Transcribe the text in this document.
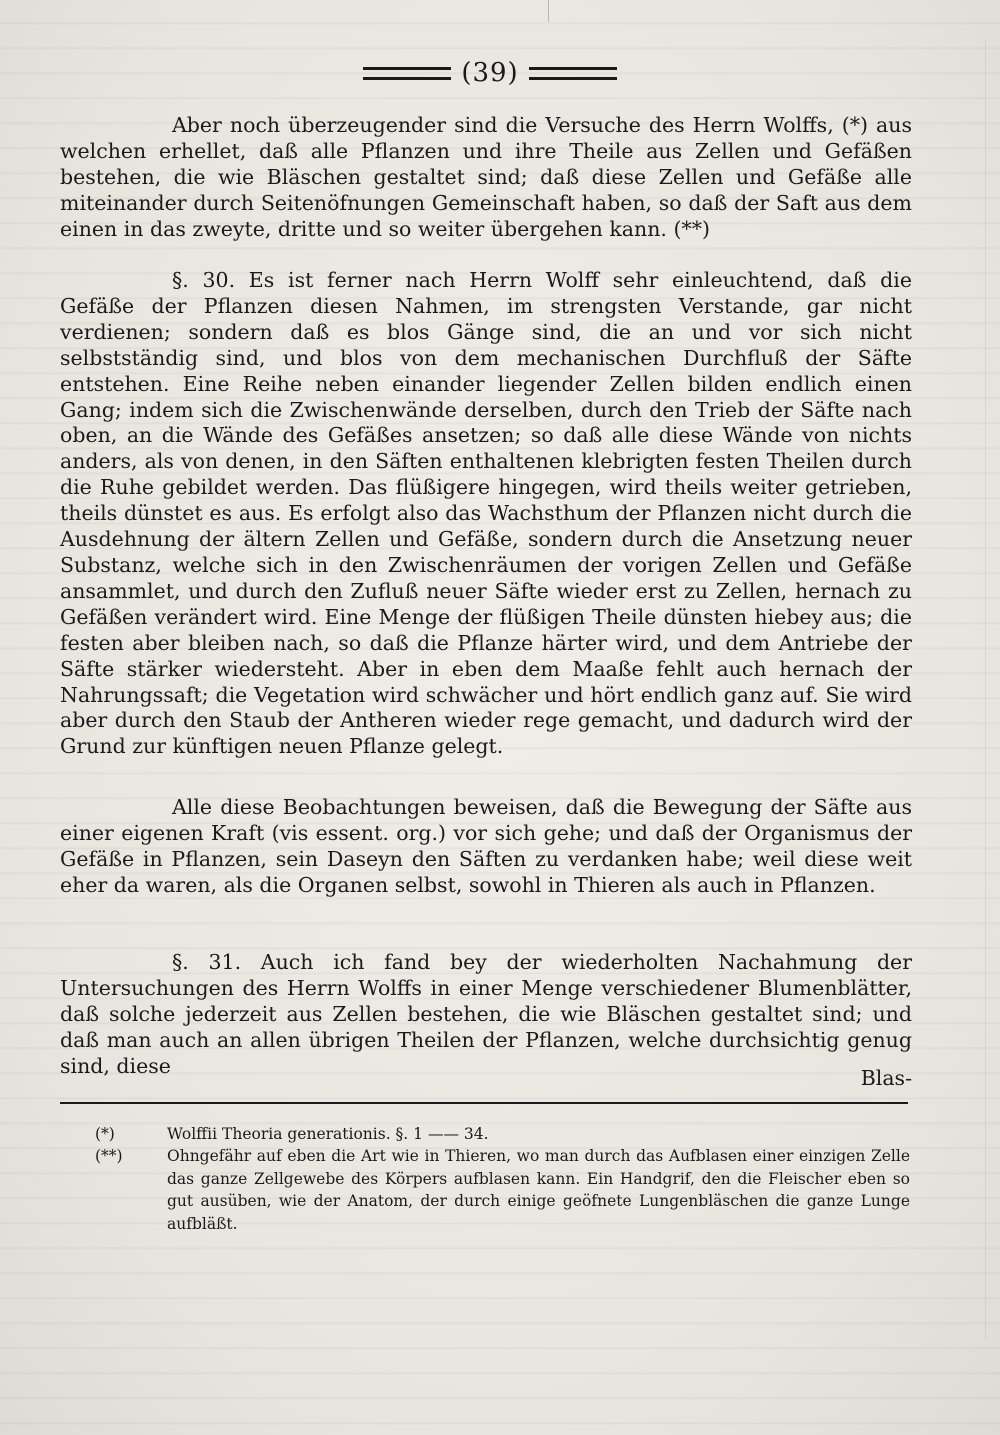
(39)

Aber noch überzeugender sind die Versuche des Herrn Wolffs, (*) aus welchen erhellet, daß alle Pflanzen und ihre Theile aus Zellen und Gefäßen bestehen, die wie Bläschen gestaltet sind; daß diese Zellen und Gefäße alle miteinander durch Seitenöfnungen Gemeinschaft haben, so daß der Saft aus dem einen in das zweyte, dritte und so weiter übergehen kann. (**)

§. 30. Es ist ferner nach Herrn Wolff sehr einleuchtend, daß die Gefäße der Pflanzen diesen Nahmen, im strengsten Verstande, gar nicht verdienen; sondern daß es blos Gänge sind, die an und vor sich nicht selbstständig sind, und blos von dem mechanischen Durchfluß der Säfte entstehen. Eine Reihe neben einander liegender Zellen bilden endlich einen Gang; indem sich die Zwischenwände derselben, durch den Trieb der Säfte nach oben, an die Wände des Gefäßes ansetzen; so daß alle diese Wände von nichts anders, als von denen, in den Säften enthaltenen klebrigten festen Theilen durch die Ruhe gebildet werden. Das flüßigere hingegen, wird theils weiter getrieben, theils dünstet es aus. Es erfolgt also das Wachsthum der Pflanzen nicht durch die Ausdehnung der ältern Zellen und Gefäße, sondern durch die Ansetzung neuer Substanz, welche sich in den Zwischenräumen der vorigen Zellen und Gefäße ansammlet, und durch den Zufluß neuer Säfte wieder erst zu Zellen, hernach zu Gefäßen verändert wird. Eine Menge der flüßigen Theile dünsten hiebey aus; die festen aber bleiben nach, so daß die Pflanze härter wird, und dem Antriebe der Säfte stärker wiedersteht. Aber in eben dem Maaße fehlt auch hernach der Nahrungssaft; die Vegetation wird schwächer und hört endlich ganz auf. Sie wird aber durch den Staub der Antheren wieder rege gemacht, und dadurch wird der Grund zur künftigen neuen Pflanze gelegt.

Alle diese Beobachtungen beweisen, daß die Bewegung der Säfte aus einer eigenen Kraft (vis essent. org.) vor sich gehe; und daß der Organismus der Gefäße in Pflanzen, sein Daseyn den Säften zu verdanken habe; weil diese weit eher da waren, als die Organen selbst, sowohl in Thieren als auch in Pflanzen.

§. 31. Auch ich fand bey der wiederholten Nachahmung der Untersuchungen des Herrn Wolffs in einer Menge verschiedener Blumenblätter, daß solche jederzeit aus Zellen bestehen, die wie Bläschen gestaltet sind; und daß man auch an allen übrigen Theilen der Pflanzen, welche durchsichtig genug sind, diese

Blas-
(*)	Wolffii Theoria generationis. §. 1 —— 34.
(**)	Ohngefähr auf eben die Art wie in Thieren, wo man durch das Aufblasen einer einzigen Zelle das ganze Zellgewebe des Körpers aufblasen kann. Ein Handgrif, den die Fleischer eben so gut ausüben, wie der Anatom, der durch einige geöfnete Lungenbläschen die ganze Lunge aufbläßt.
